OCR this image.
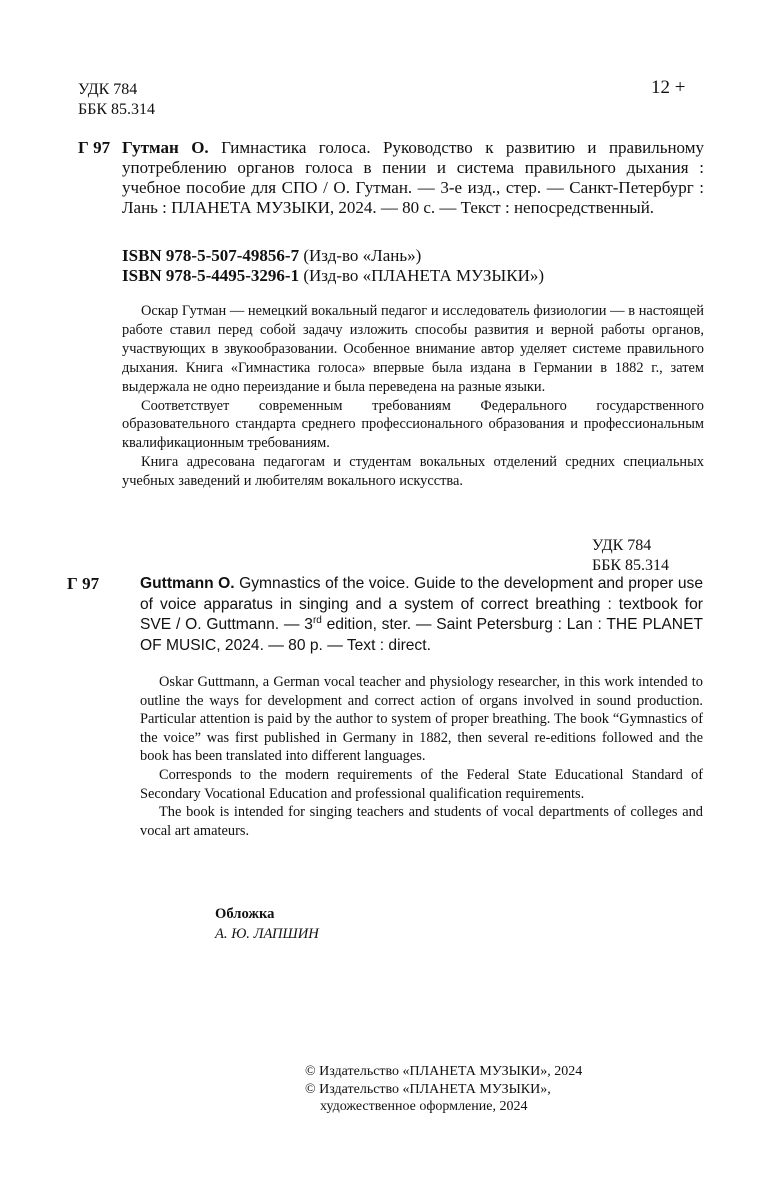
УДК 784
ББК 85.314
12 +
Г 97 Гутман О. Гимнастика голоса. Руководство к развитию и правильному употреблению органов голоса в пении и система правильного дыхания : учебное пособие для СПО / О. Гутман. — 3-е изд., стер. — Санкт-Петербург : Лань : ПЛАНЕТА МУЗЫКИ, 2024. — 80 с. — Текст : непосредственный.
ISBN 978-5-507-49856-7 (Изд-во «Лань»)
ISBN 978-5-4495-3296-1 (Изд-во «ПЛАНЕТА МУЗЫКИ»)

Оскар Гутман — немецкий вокальный педагог и исследователь физиологии — в настоящей работе ставил перед собой задачу изложить способы развития и верной работы органов, участвующих в звукообразовании. Особенное внимание автор уделяет системе правильного дыхания. Книга «Гимнастика голоса» впервые была издана в Германии в 1882 г., затем выдержала не одно переиздание и была переведена на разные языки.

Соответствует современным требованиям Федерального государственного образовательного стандарта среднего профессионального образования и профессиональным квалификационным требованиям.

Книга адресована педагогам и студентам вокальных отделений средних специальных учебных заведений и любителям вокального искусства.

УДК 784
ББК 85.314
Г 97	Guttmann O. Gymnastics of the voice. Guide to the development and proper use of voice apparatus in singing and a system of correct breathing : textbook for SVE / O. Guttmann. — 3rd edition, ster. — Saint Petersburg : Lan : THE PLANET OF MUSIC, 2024. — 80 p. — Text : direct.

Oskar Guttmann, a German vocal teacher and physiology researcher, in this work intended to outline the ways for development and correct action of organs involved in sound production. Particular attention is paid by the author to system of proper breathing. The book “Gymnastics of the voice” was first published in Germany in 1882, then several re-editions followed and the book has been translated into different languages.

Corresponds to the modern requirements of the Federal State Educational Standard of Secondary Vocational Education and professional qualification requirements.

The book is intended for singing teachers and students of vocal departments of colleges and vocal art amateurs.

Обложка
А. Ю. ЛАПШИН
© Издательство «ПЛАНЕТА МУЗЫКИ», 2024
© Издательство «ПЛАНЕТА МУЗЫКИ»,
художественное оформление, 2024
